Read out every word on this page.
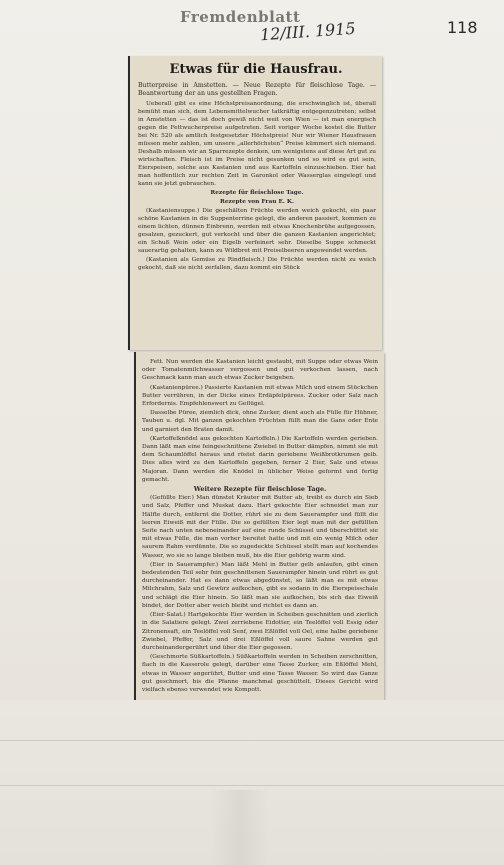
Fremdenblatt
12/III. 1915	118
Etwas für die Hausfrau.
Butterpreise in Amstetten. — Neue Rezepte für fleischlose Tage. — Beantwortung der an uns gestellten Fragen.

Ueberall gibt es eine Höchstpreisanordnung, die erschwinglich ist, überall bemüht man sich, dem Lebensmittelwucher tatkräftig entgegenzutreten; selbst in Amstetten — das ist doch gewiß nicht weit von Wien — ist man energisch gegen die Fettwucherpreise aufgetreten. Seit voriger Woche kostet die Butter bei Nr. 520 als amtlich festgesetzter Höchstpreis! Nur wir Wiener Hausfrauen müssen mehr zahlen, um unsere „allerhöchsten“ Preise kümmert sich niemand. Deshalb müssen wir an Sparrezepte denken, um wenigstens auf diese Art gut zu wirtschaften. Fleisch ist im Preise nicht gesunken und so wird es gut sein, Eierspeisen, solche aus Kastanien und aus Kartoffeln einzuschieben. Eier hat man hoffentlich zur rechten Zeit in Garonkol oder Wasserglas eingelegt und kann sie jetzt gebrauchen.

Rezepte für fleischlose Tage.

Rezepte von Frau E. K.

(Kastaniensuppe.) Die geschälten Früchte werden weich gekocht, ein paar schöne Kastanien in die Suppenterrine gelegt, die anderen passiert, kommen zu einem lichten, dünnen Einbrenn, werden mit etwas Knochenbrühe aufgegossen, gesalzen, gezuckert, gut verkocht und über die ganzen Kastanien angerichtet; ein Schuß Wein oder ein Eigelb verfeinert sehr. Dieselbe Suppe schmeckt sauerartig gehalten, kann zu Wildbret mit Preiselbeeren angewendet werden.

(Kastanien als Gemüse zu Rindfleisch.) Die Früchte werden nicht zu weich gekocht, daß sie nicht zerfallen, dazu kommt ein Stück

Fett. Nun werden die Kastanien leicht gestaubt, mit Suppe oder etwas Wein oder Tomatenmilchwasser vergossen und gut verkochen lassen, nach Geschmack kann man auch etwas Zucker beigeben.

(Kastanienpüree.) Passierte Kastanien mit etwas Milch und einem Stückchen Butter verrühren, in der Dicke eines Erdäpfelpürees. Zucker oder Salz nach Erfordernis. Empfehlenswert zu Geflügel.

Dasselbe Püree, ziemlich dick, ohne Zucker, dient auch als Fülle für Hühner, Tauben u. dgl. Mit ganzen gekochten Früchten füllt man die Gans oder Ente und garniert den Braten damit.

(Kartoffelknödel aus gekochten Kartoffeln.) Die Kartoffeln werden gerieben. Dann läßt man eine feingeschnittene Zwiebel in Butter dämpfen, nimmt sie mit dem Schaumlöffel heraus und röstet darin geriebene Weißbrotkrumen gelb. Dies alles wird zu den Kartoffeln gegeben, ferner 2 Eier, Salz und etwas Majoran. Dann werden die Knödel in üblicher Weise geformt und fertig gemacht.

Weitere Rezepte für fleischlose Tage.

(Gefüllte Eier.) Man dünstet Kräuter mit Butter ab, treibt es durch ein Sieb und Salz, Pfeffer und Muskat dazu. Hart gekochte Eier schneidet man zur Hälfte durch, entfernt die Dotter, rührt sie zu dem Sauerampfer und füllt die leeren Eiweiß mit der Fülle. Die so gefüllten Eier legt man mit der gefüllten Seite nach unten nebeneinander auf eine runde Schüssel und überschüttet sie mit etwas Fülle, die man vorher bereitet hatte und mit ein wenig Milch oder saurem Rahm verdünnte. Die so zugedeckte Schüssel stellt man auf kochendes Wasser, wo sie so lange bleiben muß, bis die Eier gehörig warm sind.

(Eier in Sauerampfer.) Man läßt Mehl in Butter gelb anlaufen, gibt einen bedeutenden Teil sehr fein geschnittenen Sauerampfer hinein und rührt es gut durcheinander. Hat es dann etwas abgedünstet, so läßt man es mit etwas Milchrahm, Salz und Gewürz aufkochen, gibt es sodann in die Eierspeisschale und schlägt die Eier hinein. So läßt man sie aufkochen, bis sich das Eiweiß bindet, der Dotter aber weich bleibt und richtet es dann an.

(Eier-Salat.) Hartgekochte Eier werden in Scheiben geschnitten und zierlich in die Salatiere gelegt. Zwei zerriebene Eidotter, ein Teelöffel voll Essig oder Zitronensaft, ein Teelöffel voll Senf, zwei Eßlöffel voll Oel, eine halbe geriebene Zwiebel, Pfeffer, Salz und drei Eßlöffel voll saure Sahne werden gut durcheinandergerührt und über die Eier gegossen.

(Geschmorte Süßkartoffeln.) Süßkartoffeln werden in Scheiben zerschnitten, flach in die Kasserole gelegt, darüber eine Tasse Zucker, ein Eßlöffel Mehl, etwas in Wasser angerührt, Butter und eine Tasse Wasser. So wird das Ganze gut geschmort, bis die Pfanne manchmal geschüttelt. Dieses Gericht wird vielfach ebenso verwendet wie Kompott.
